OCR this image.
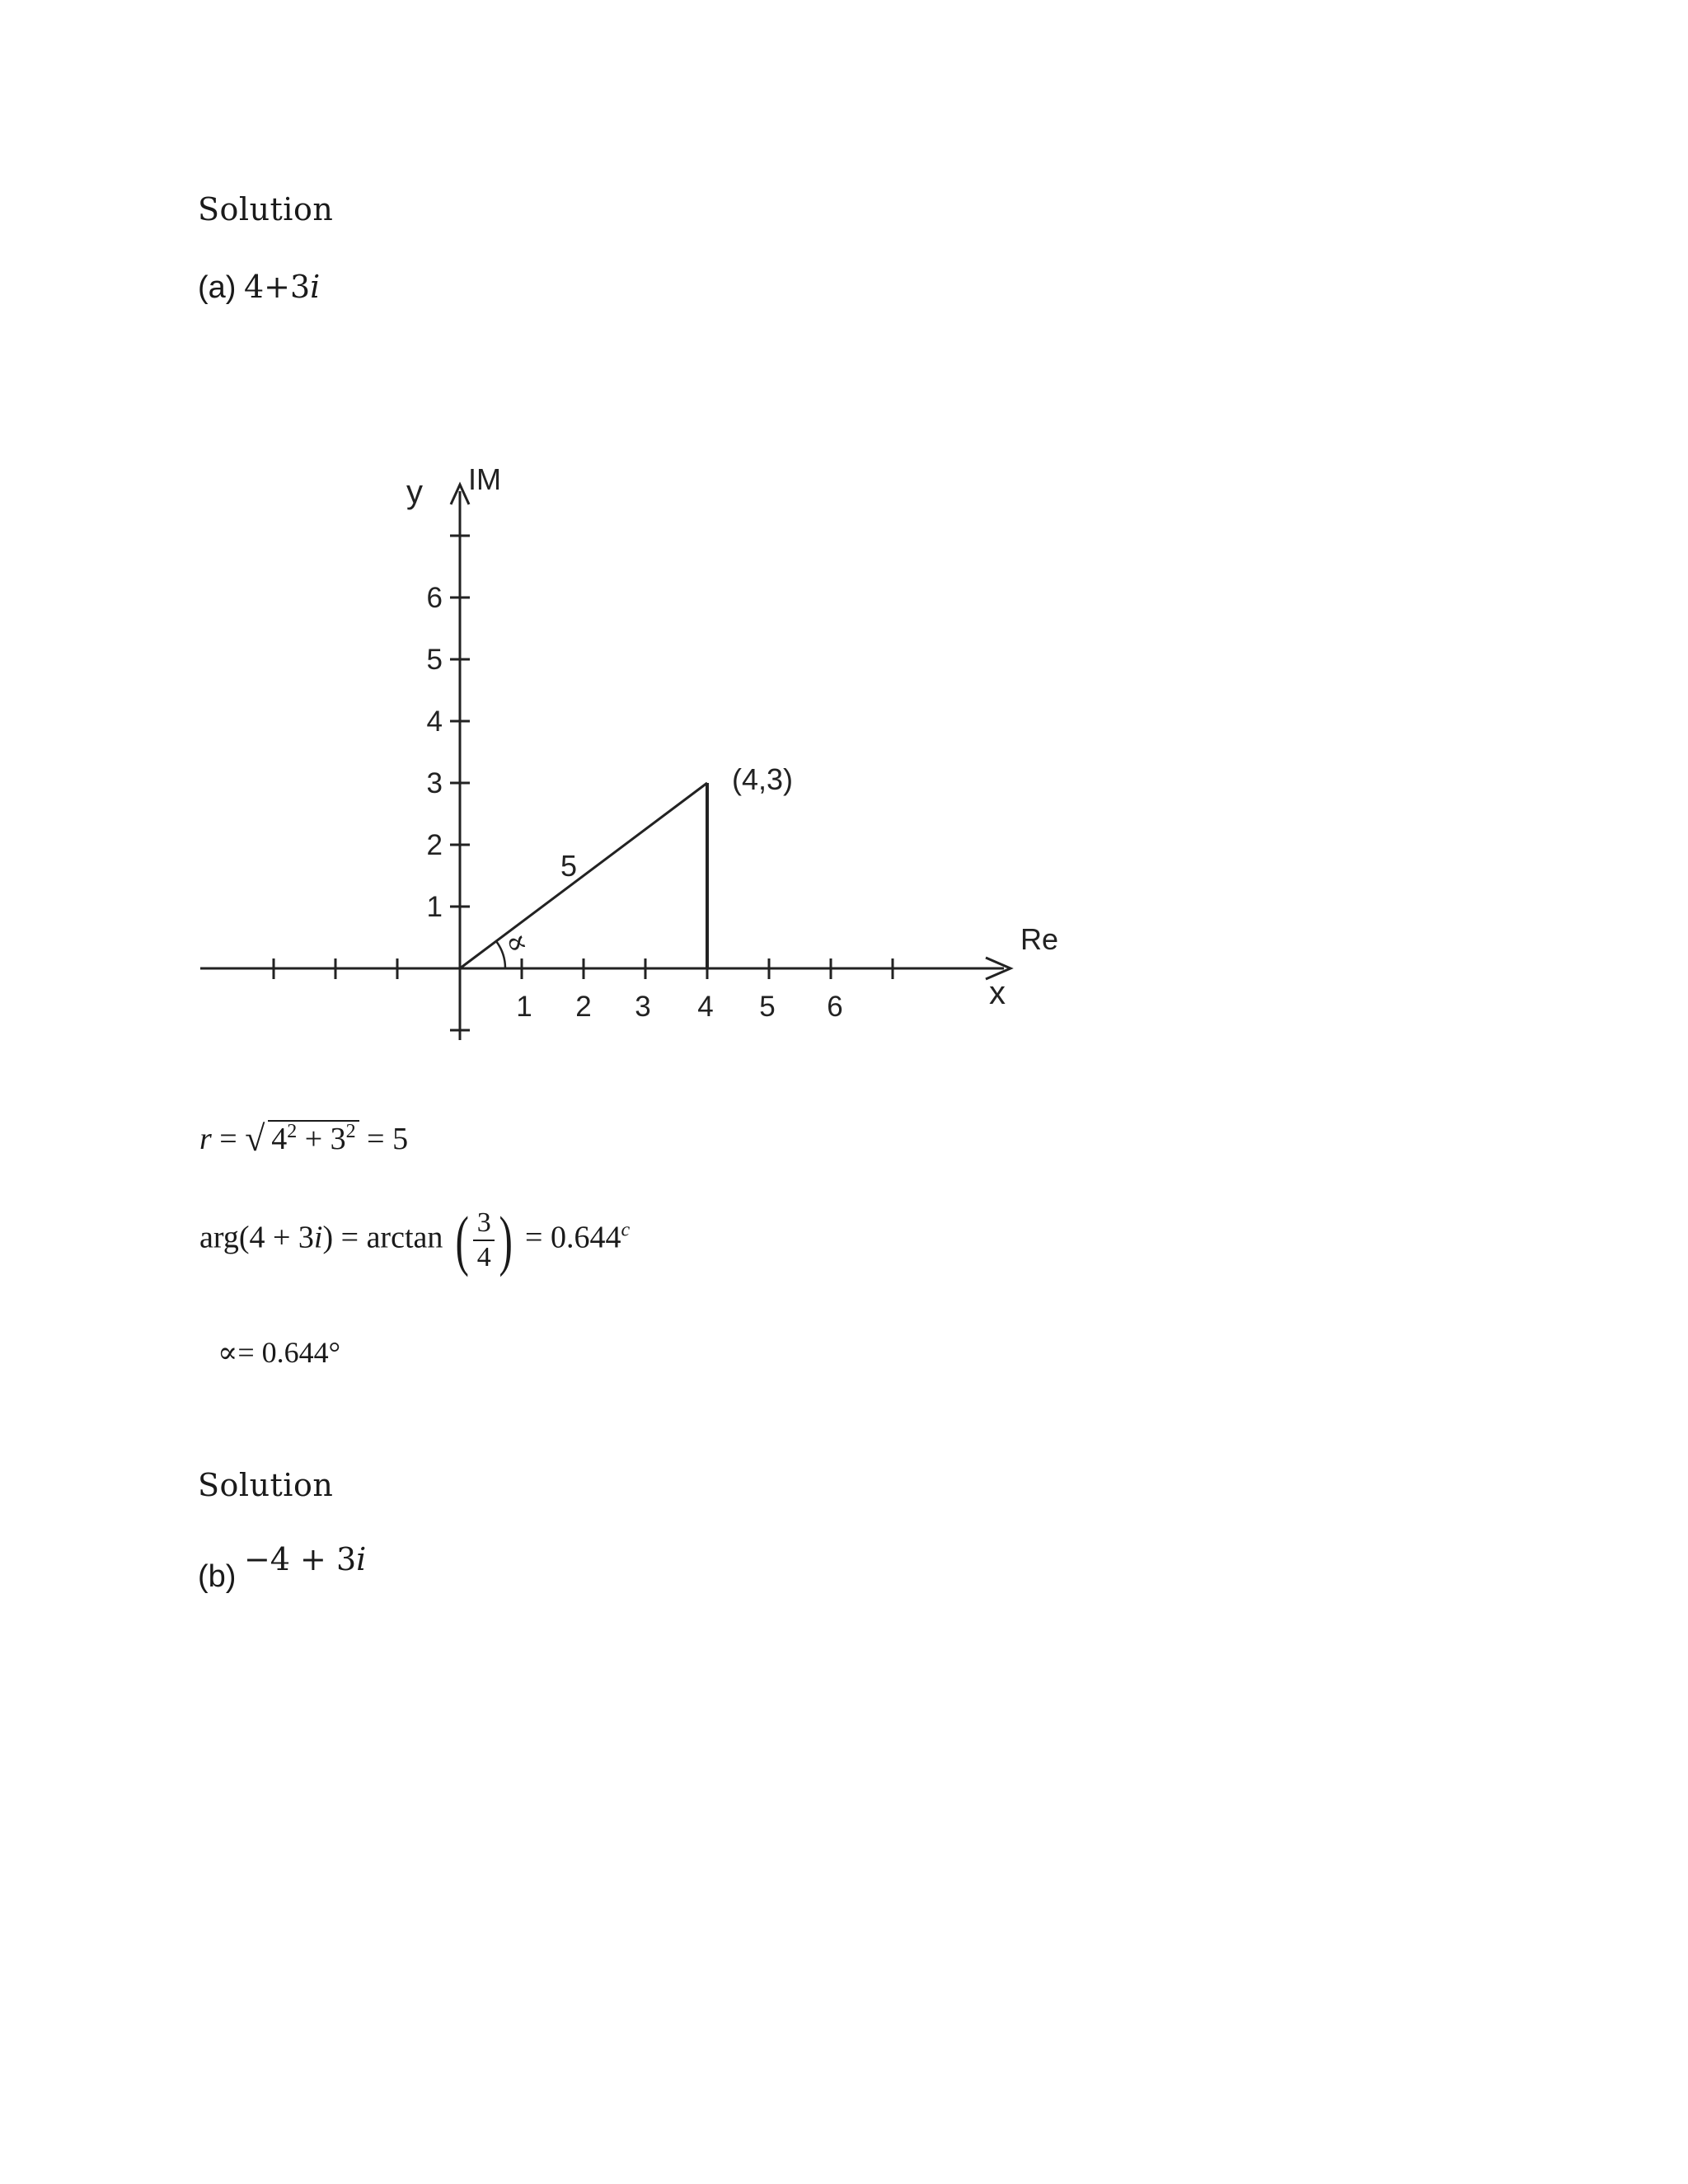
Solution
(a) 4+3i
y IM
Re
x
1 2 3 4 5 6
1
2
3
4
5
6
(4,3)
5
∝
r = √ $4^2 + 3^2 = 5$
arg(4 + 3i) = arctan ( $\frac{3}{4}$ ) = 0.644$^c$
∝= 0.644°
Solution
(b) −4 + 3i
